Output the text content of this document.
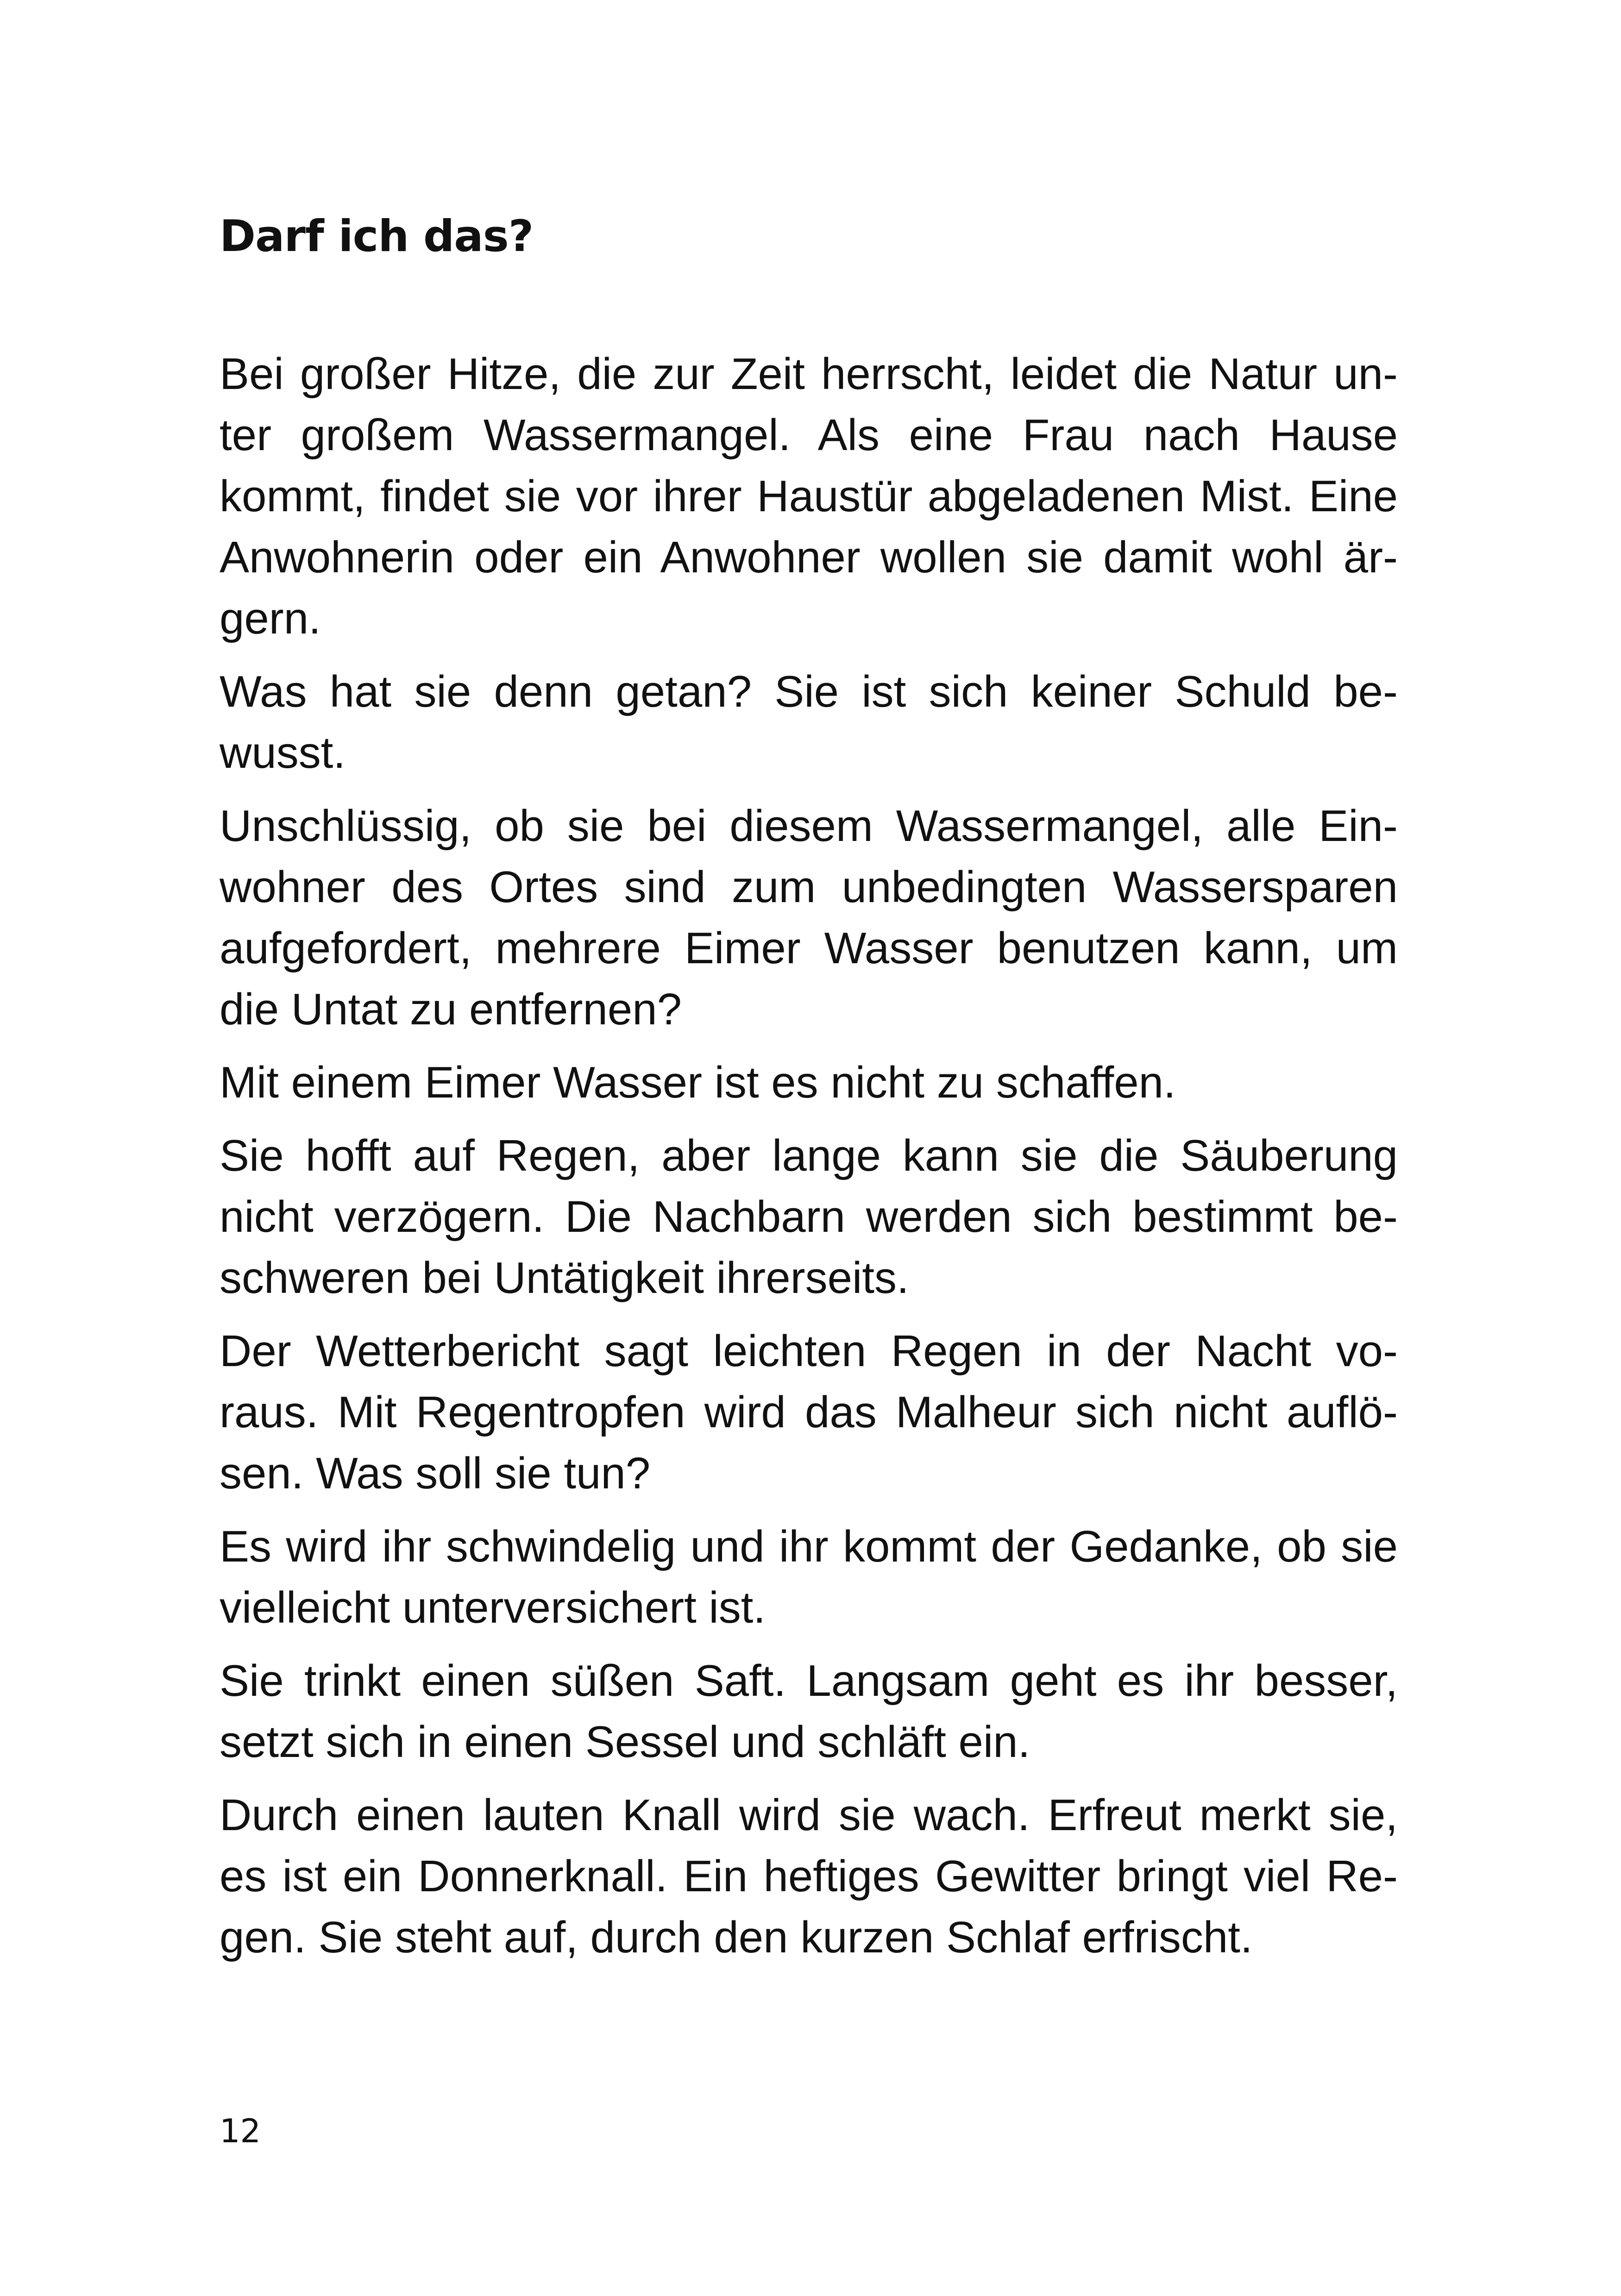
Darf ich das?

Bei großer Hitze, die zur Zeit herrscht, leidet die Natur un-
ter großem Wassermangel. Als eine Frau nach Hause
kommt, findet sie vor ihrer Haustür abgeladenen Mist. Eine
Anwohnerin oder ein Anwohner wollen sie damit wohl är-
gern.

Was hat sie denn getan? Sie ist sich keiner Schuld be-
wusst.

Unschlüssig, ob sie bei diesem Wassermangel, alle Ein-
wohner des Ortes sind zum unbedingten Wassersparen
aufgefordert, mehrere Eimer Wasser benutzen kann, um
die Untat zu entfernen?

Mit einem Eimer Wasser ist es nicht zu schaffen.

Sie hofft auf Regen, aber lange kann sie die Säuberung
nicht verzögern. Die Nachbarn werden sich bestimmt be-
schweren bei Untätigkeit ihrerseits.

Der Wetterbericht sagt leichten Regen in der Nacht vo-
raus. Mit Regentropfen wird das Malheur sich nicht auflö-
sen. Was soll sie tun?

Es wird ihr schwindelig und ihr kommt der Gedanke, ob sie
vielleicht unterversichert ist.

Sie trinkt einen süßen Saft. Langsam geht es ihr besser,
setzt sich in einen Sessel und schläft ein.

Durch einen lauten Knall wird sie wach. Erfreut merkt sie,
es ist ein Donnerknall. Ein heftiges Gewitter bringt viel Re-
gen. Sie steht auf, durch den kurzen Schlaf erfrischt.

12
